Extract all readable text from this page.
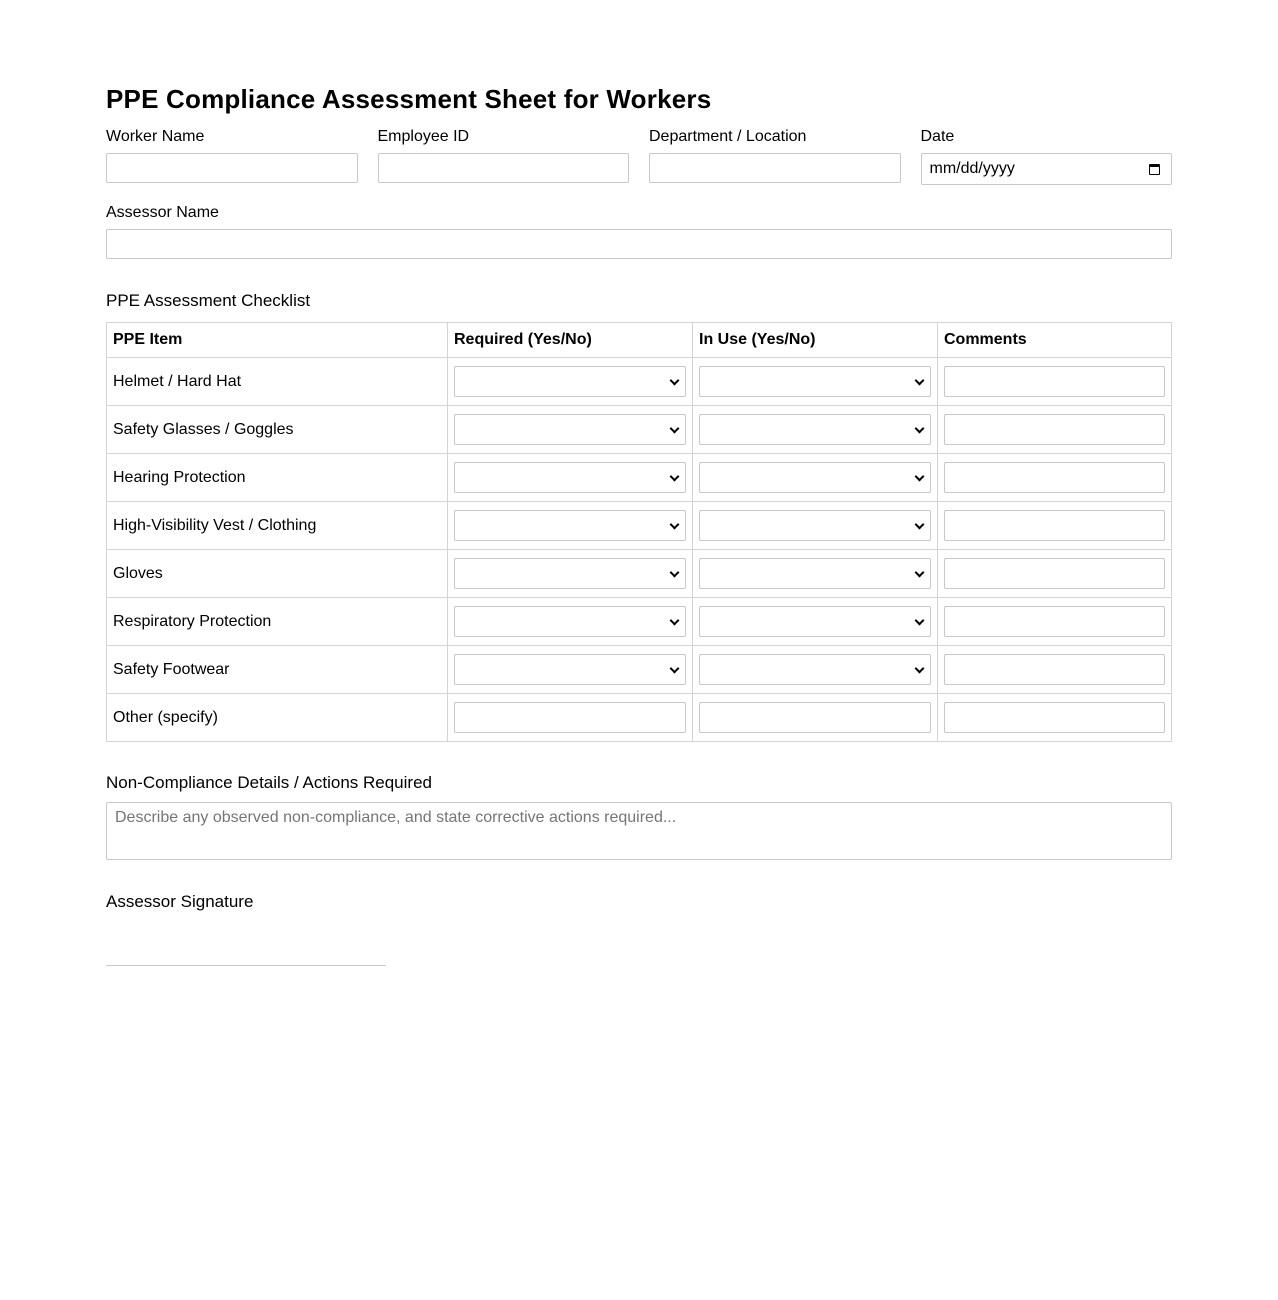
PPE Compliance Assessment Sheet for Workers
Worker Name	Employee ID	Department / Location	Date
mm/dd/yyyy
Assessor Name
PPE Assessment Checklist
PPE Item	Required (Yes/No)	In Use (Yes/No)	Comments
Helmet / Hard Hat	

Safety Glasses / Goggles	

Hearing Protection	

High-Visibility Vest / Clothing	

Gloves	

Respiratory Protection	

Safety Footwear	

Other (specify)	

Non-Compliance Details / Actions Required
Describe any observed non-compliance, and state corrective actions required...
Assessor Signature
